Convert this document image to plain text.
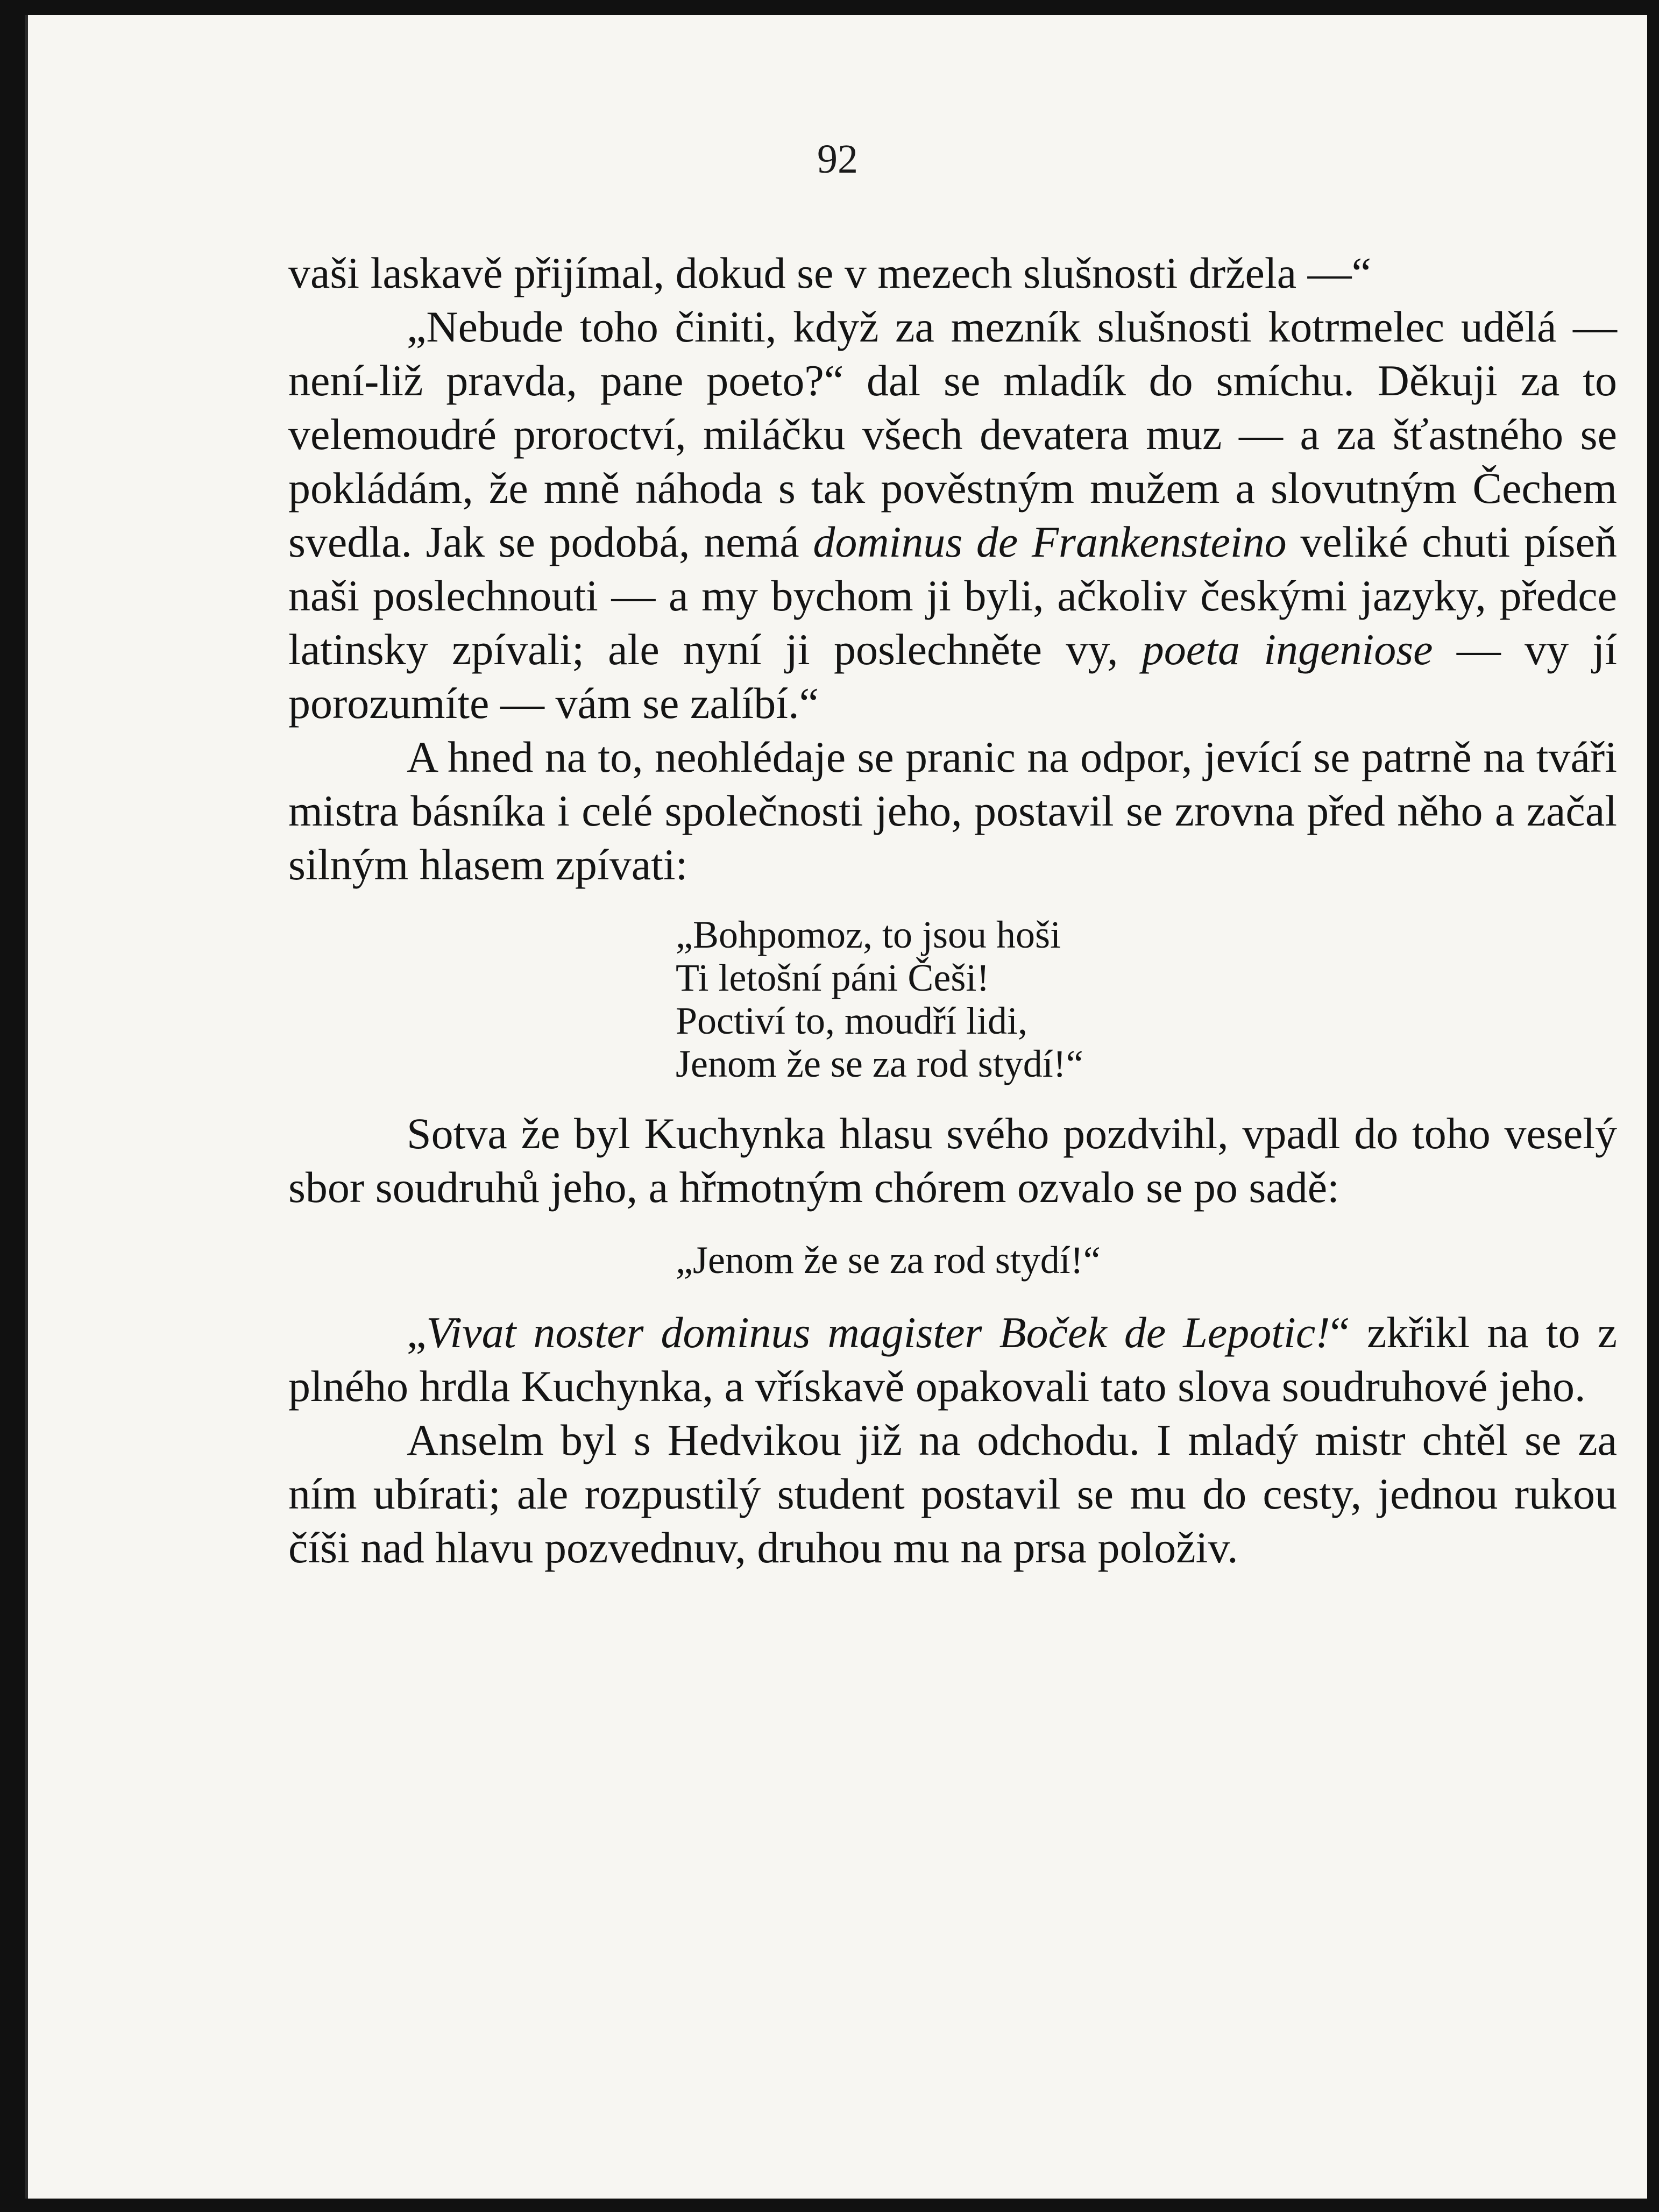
92

vaši laskavě přijímal, dokud se v mezech slušnosti držela —“

„Nebude toho činiti, když za mezník slušnosti kotrmelec udělá — není-liž pravda, pane poeto?“ dal se mladík do smíchu. Děkuji za to velemoudré proroctví, miláčku všech devatera muz — a za šťastného se pokládám, že mně náhoda s tak pověstným mužem a slovutným Čechem svedla. Jak se podobá, nemá dominus de Frankensteino veliké chuti píseň naši poslechnouti — a my bychom ji byli, ačkoliv českými jazyky, předce latinsky zpívali; ale nyní ji poslechněte vy, poeta ingeniose — vy jí porozumíte — vám se zalíbí.“

A hned na to, neohlédaje se pranic na odpor, jevící se patrně na tváři mistra básníka i celé společnosti jeho, postavil se zrovna před něho a začal silným hlasem zpívati:

„Bohpomoz, to jsou hoši
Ti letošní páni Češi!
Poctiví to, moudří lidi,
Jenom že se za rod stydí!“

Sotva že byl Kuchynka hlasu svého pozdvihl, vpadl do toho veselý sbor soudruhů jeho, a hřmotným chórem ozvalo se po sadě:

„Jenom že se za rod stydí!“

„Vivat noster dominus magister Boček de Lepotic!“ zkřikl na to z plného hrdla Kuchynka, a vřískavě opakovali tato slova soudruhové jeho.

Anselm byl s Hedvikou již na odchodu. I mladý mistr chtěl se za ním ubírati; ale rozpustilý student postavil se mu do cesty, jednou rukou číši nad hlavu pozvednuv, druhou mu na prsa položiv.
